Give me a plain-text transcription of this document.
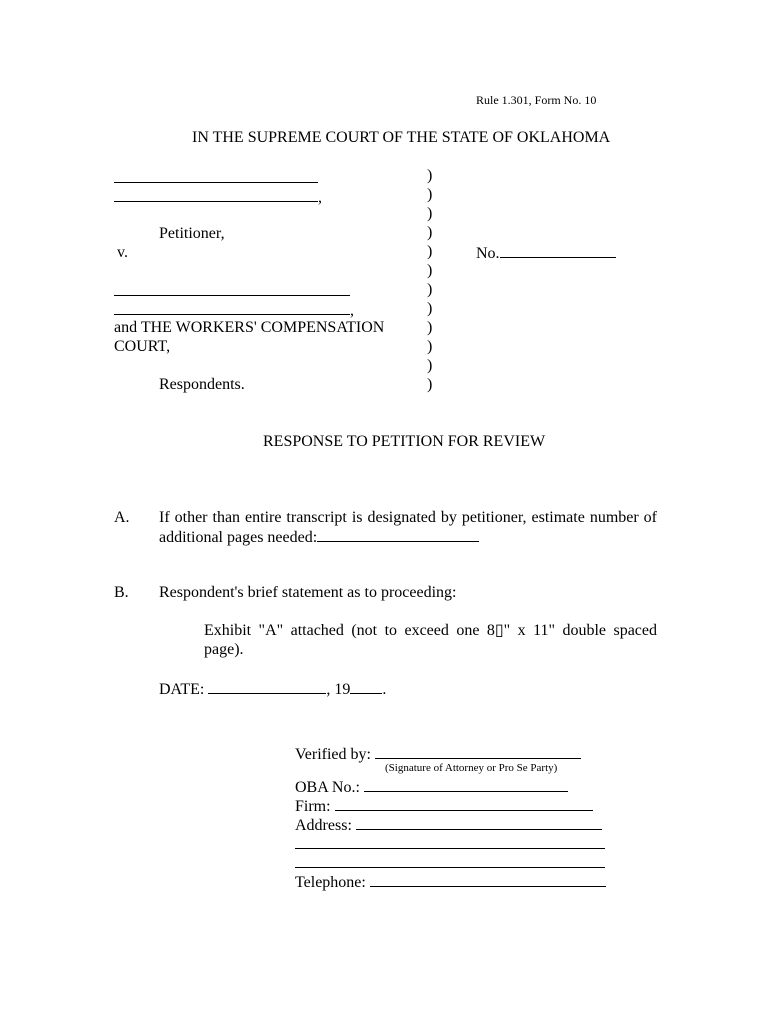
Rule 1.301, Form No. 10
IN THE SUPREME COURT OF THE STATE OF OKLAHOMA
,
Petitioner,
v.
,
and THE WORKERS' COMPENSATION
COURT,
Respondents.
)
)
)
)
)
)
)
)
)
)
)
)
No.
RESPONSE TO PETITION FOR REVIEW
A. If other than entire transcript is designated by petitioner, estimate number of additional pages needed:
B. Respondent's brief statement as to proceeding:
Exhibit "A" attached (not to exceed one 8▯" x 11" double spaced page).
DATE:	, 19 .
Verified by:
(Signature of Attorney or Pro Se Party)
OBA No.:
Firm:
Address:
Telephone:
